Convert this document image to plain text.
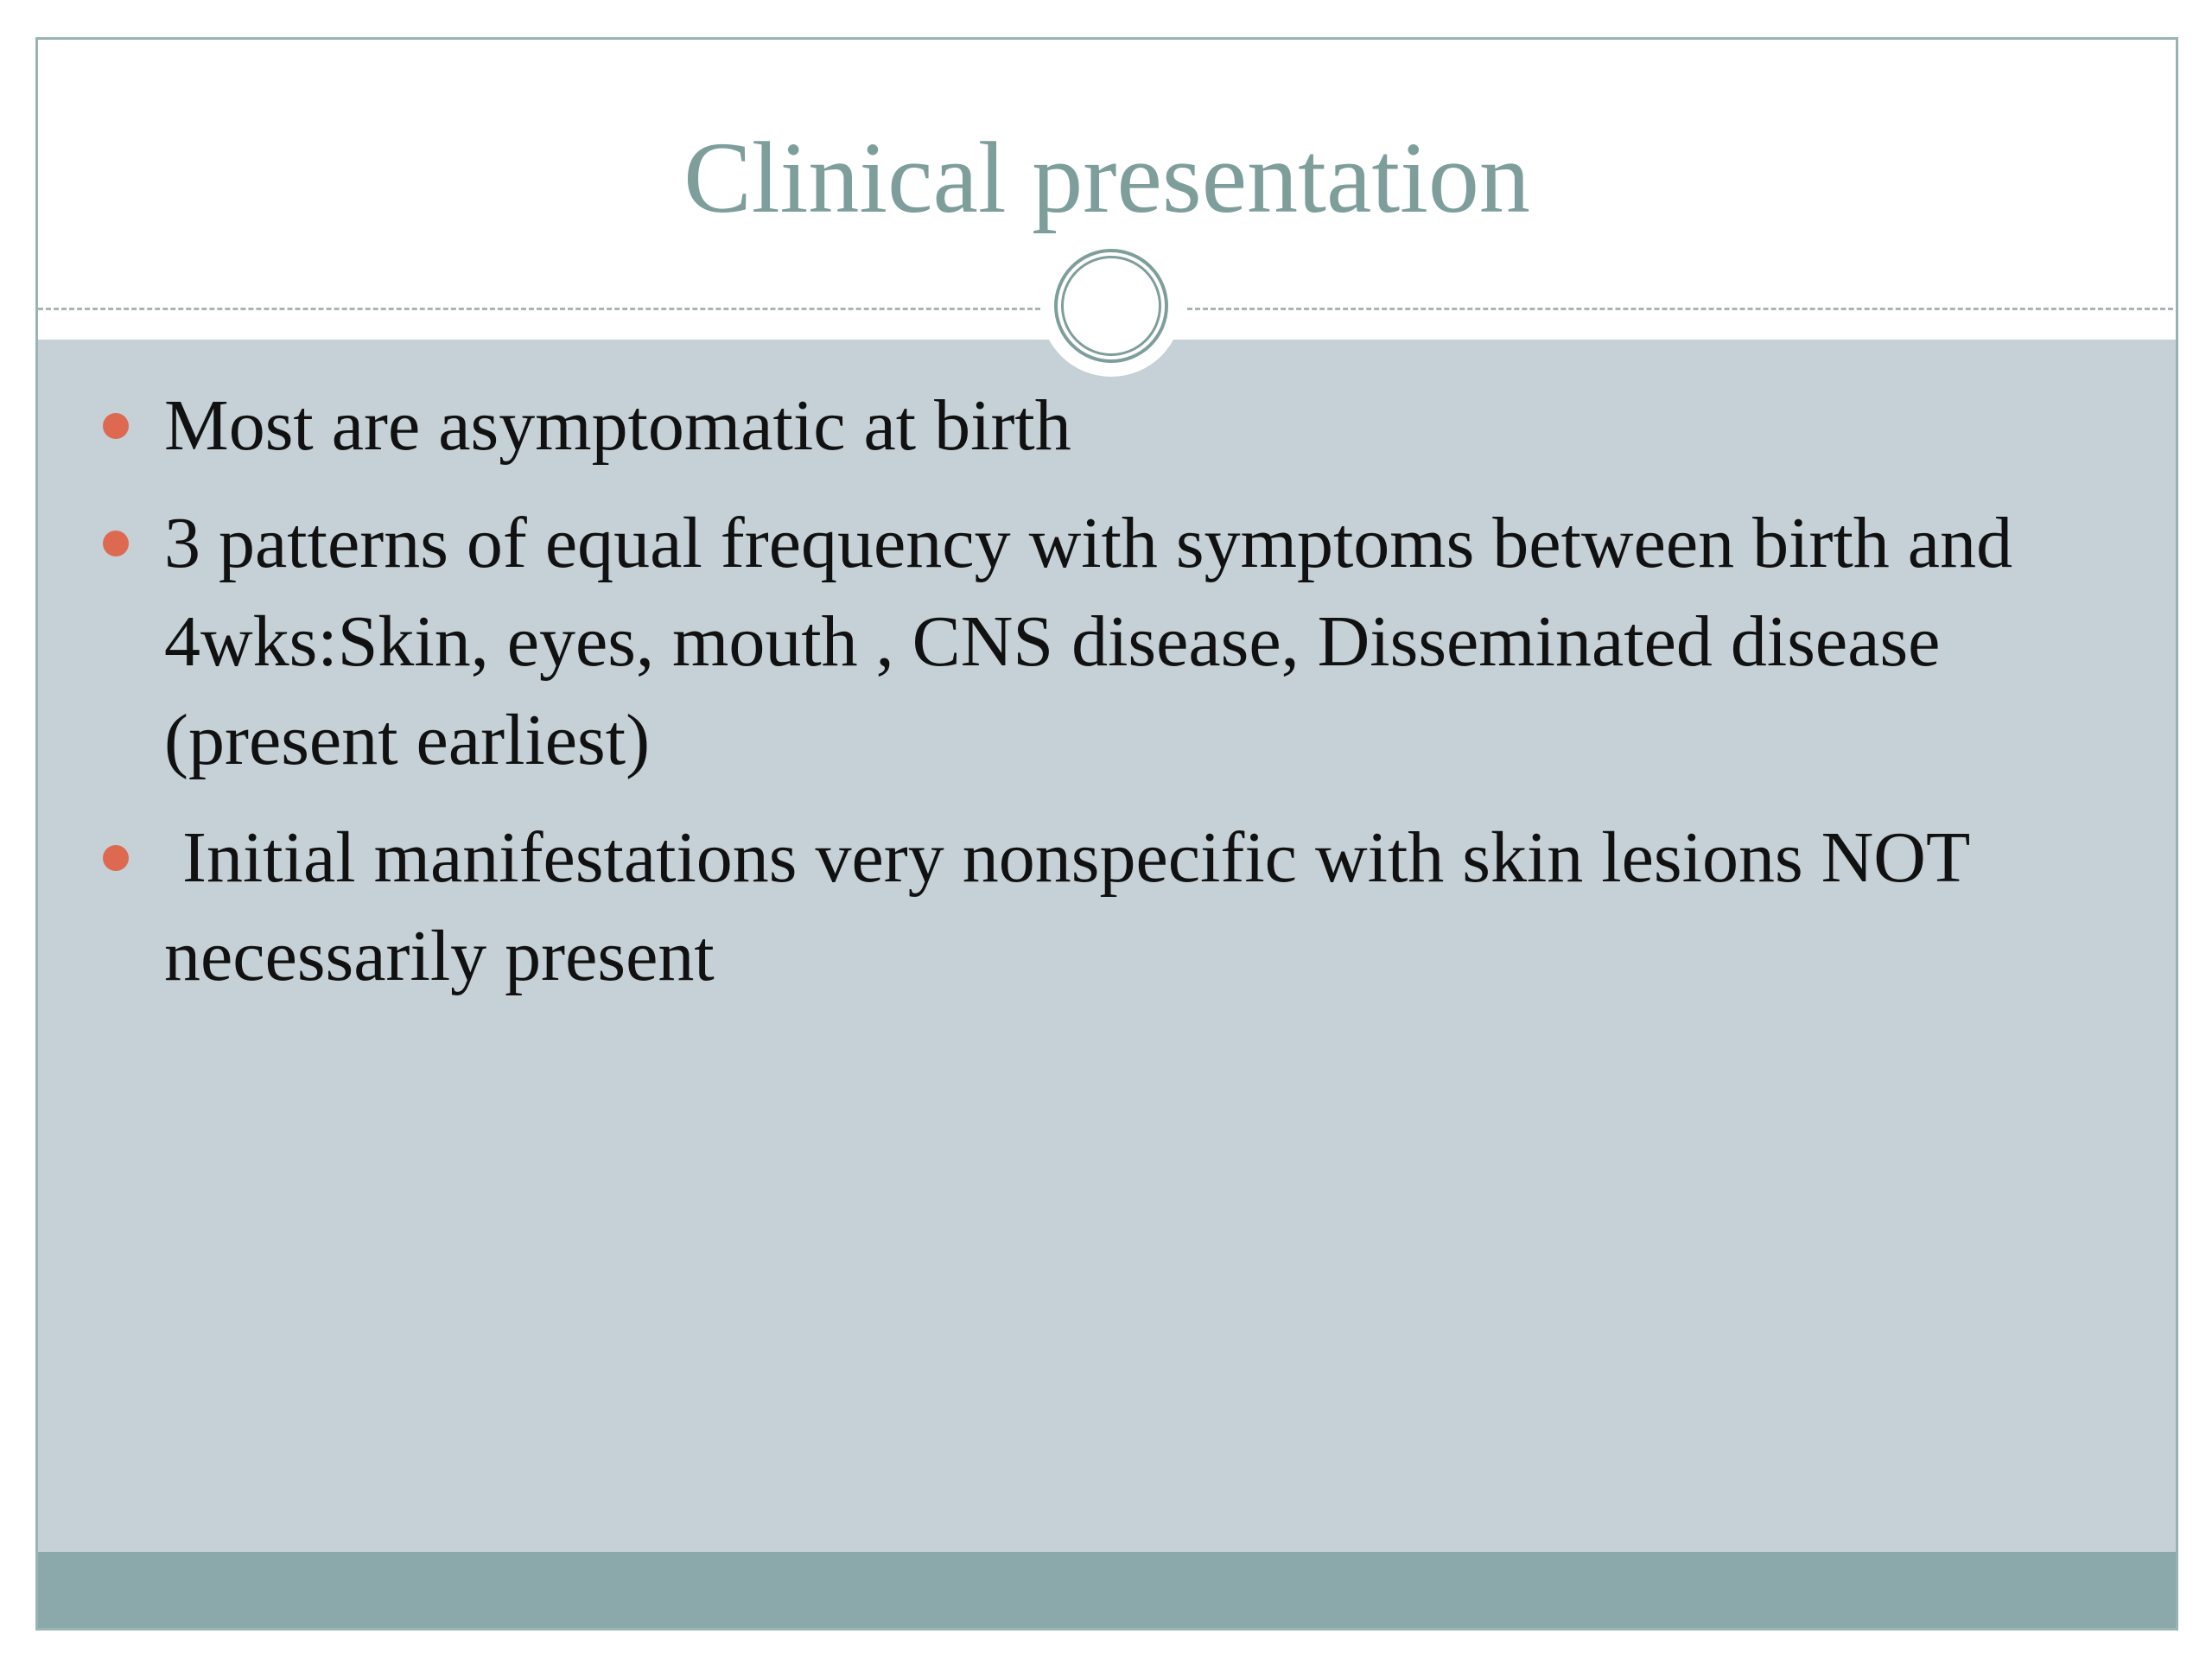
Clinical presentation
Most are asymptomatic at birth
3 patterns of equal frequency with symptoms between birth and 4wks:Skin, eyes, mouth , CNS disease, Disseminated disease (present earliest)
Initial manifestations very nonspecific with skin lesions NOT necessarily present
